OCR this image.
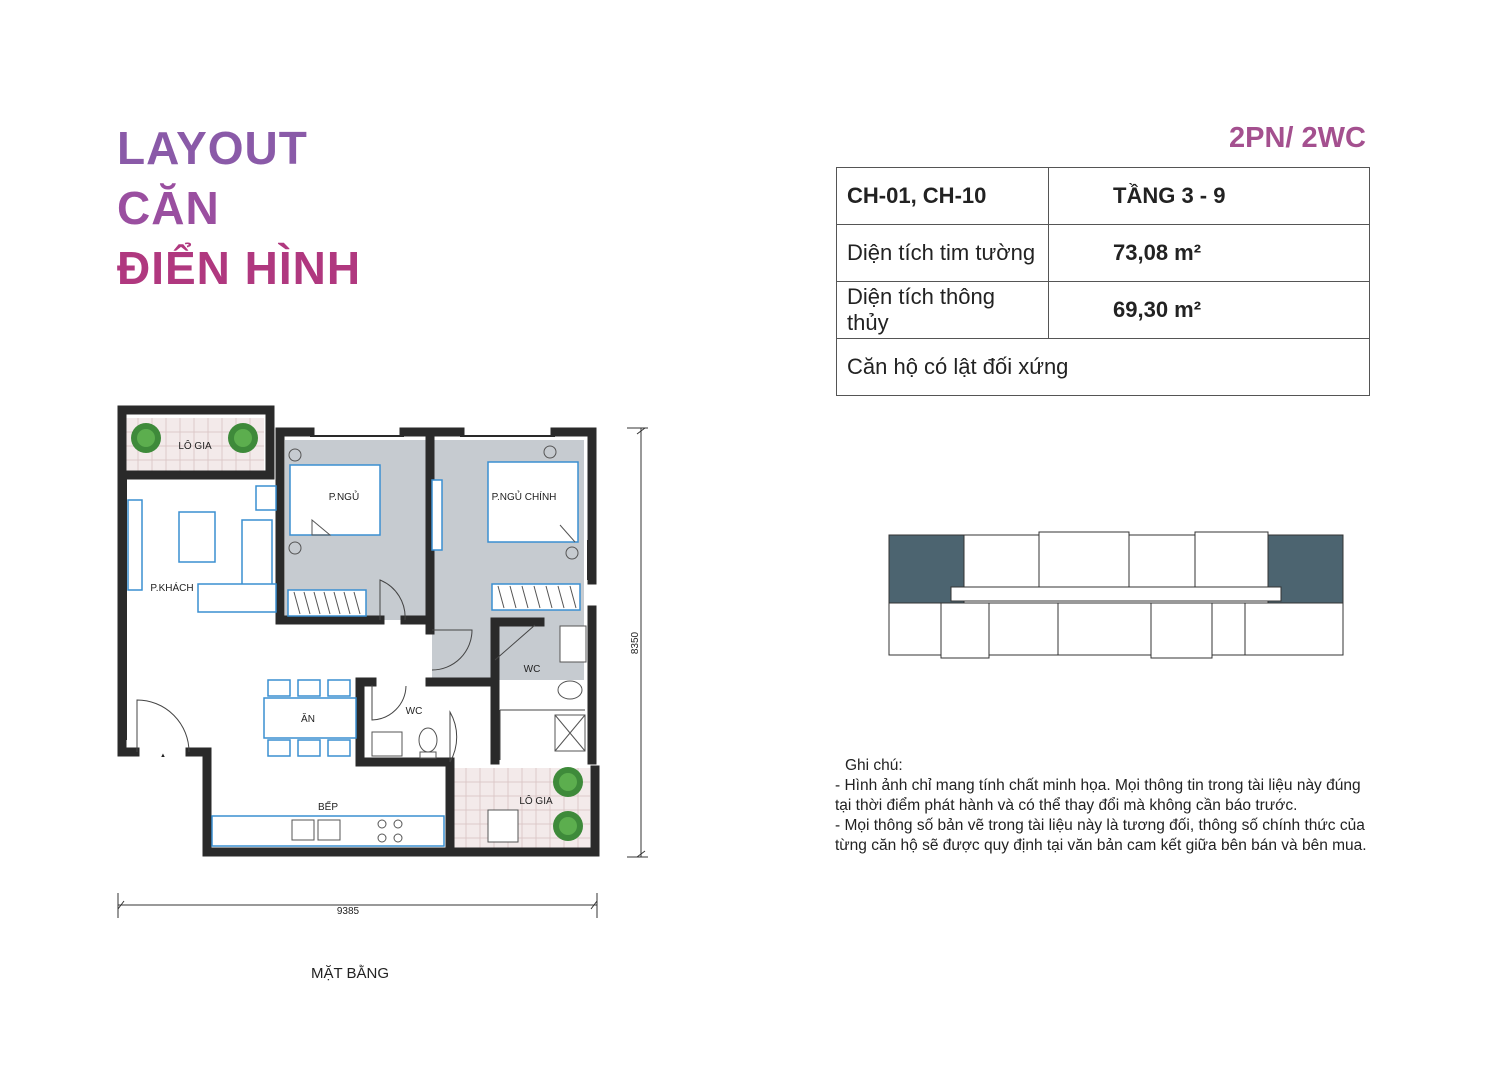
LAYOUT
CĂN
ĐIỂN HÌNH
2PN/ 2WC
CH-01, CH-10	TẦNG 3 - 9
Diện tích tim tường	73,08 m²
Diện tích thông thủy	69,30 m²
Căn hộ có lật đối xứng	
LÔ GIA
P.NGỦ	P.NGỦ CHÍNH
P.KHÁCH
WC
WC
ĂN
BẾP
LÔ GIA
▲
9385
8350
Ghi chú:
- Hình ảnh chỉ mang tính chất minh họa. Mọi thông tin trong tài liệu này đúng
tại thời điểm phát hành và có thể thay đổi mà không cần báo trước.
- Mọi thông số bản vẽ trong tài liệu này là tương đối, thông số chính thức của
từng căn hộ sẽ được quy định tại văn bản cam kết giữa bên bán và bên mua.
MẶT BẰNG
